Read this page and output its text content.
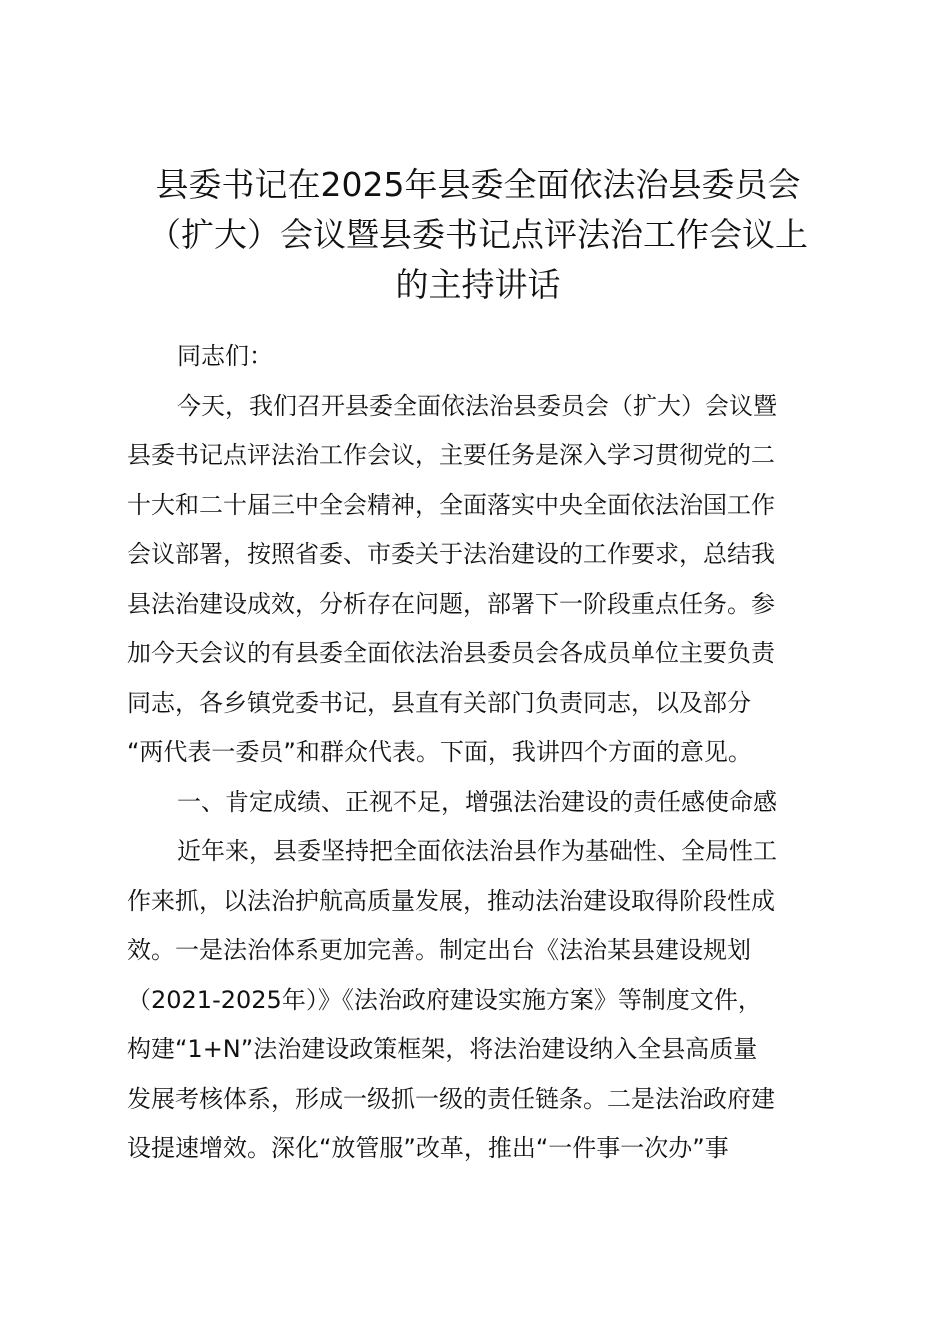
县委书记在2025年县委全面依法治县委员会
（扩大）会议暨县委书记点评法治工作会议上
的主持讲话
同志们：
今天，我们召开县委全面依法治县委员会（扩大）会议暨
县委书记点评法治工作会议，主要任务是深入学习贯彻党的二
十大和二十届三中全会精神，全面落实中央全面依法治国工作
会议部署，按照省委、市委关于法治建设的工作要求，总结我
县法治建设成效，分析存在问题，部署下一阶段重点任务。参
加今天会议的有县委全面依法治县委员会各成员单位主要负责
同志，各乡镇党委书记，县直有关部门负责同志，以及部分
“两代表一委员”和群众代表。下面，我讲四个方面的意见。
一、肯定成绩、正视不足，增强法治建设的责任感使命感
近年来，县委坚持把全面依法治县作为基础性、全局性工
作来抓，以法治护航高质量发展，推动法治建设取得阶段性成
效。一是法治体系更加完善。制定出台《法治某县建设规划
（2021-2025年）》《法治政府建设实施方案》等制度文件，
构建“1+N”法治建设政策框架，将法治建设纳入全县高质量
发展考核体系，形成一级抓一级的责任链条。二是法治政府建
设提速增效。深化“放管服”改革，推出“一件事一次办”事
